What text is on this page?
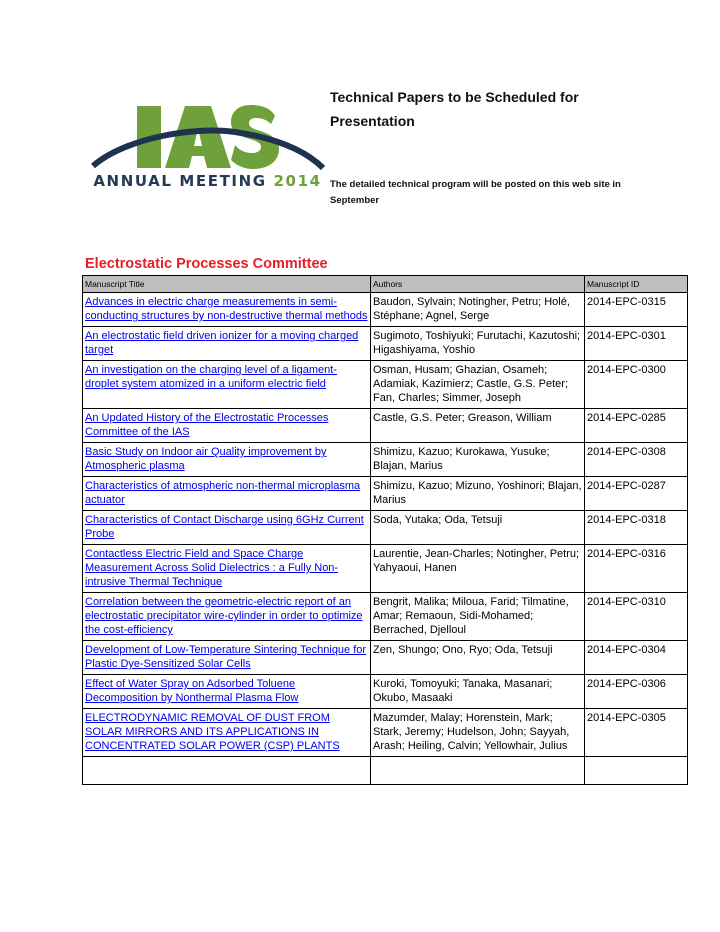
ANNUAL MEETING 2014
Technical Papers to be Scheduled for Presentation
The detailed technical program will be posted on this web site in September
Electrostatic Processes Committee
Manuscript Title	Authors	Manuscript ID
Advances in electric charge measurements in semi-conducting structures by non-destructive thermal methods	Baudon, Sylvain; Notingher, Petru; Holé, Stéphane; Agnel, Serge	2014-EPC-0315
An electrostatic field driven ionizer for a moving charged target	Sugimoto, Toshiyuki; Furutachi, Kazutoshi; Higashiyama, Yoshio	2014-EPC-0301
An investigation on the charging level of a ligament-droplet system atomized in a uniform electric field	Osman, Husam; Ghazian, Osameh; Adamiak, Kazimierz; Castle, G.S. Peter; Fan, Charles; Simmer, Joseph	2014-EPC-0300
An Updated History of the Electrostatic Processes Committee of the IAS	Castle, G.S. Peter; Greason, William	2014-EPC-0285
Basic Study on Indoor air Quality improvement by Atmospheric plasma	Shimizu, Kazuo; Kurokawa, Yusuke; Blajan, Marius	2014-EPC-0308
Characteristics of atmospheric non-thermal microplasma actuator	Shimizu, Kazuo; Mizuno, Yoshinori; Blajan, Marius	2014-EPC-0287
Characteristics of Contact Discharge using 6GHz Current Probe	Soda, Yutaka; Oda, Tetsuji	2014-EPC-0318
Contactless Electric Field and Space Charge Measurement Across Solid Dielectrics : a Fully Non-intrusive Thermal Technique	Laurentie, Jean-Charles; Notingher, Petru; Yahyaoui, Hanen	2014-EPC-0316
Correlation between the geometric-electric report of an electrostatic precipitator wire-cylinder in order to optimize the cost-efficiency	Bengrit, Malika; Miloua, Farid; Tilmatine, Amar; Remaoun, Sidi-Mohamed; Berrached, Djelloul	2014-EPC-0310
Development of Low-Temperature Sintering Technique for Plastic Dye-Sensitized Solar Cells	Zen, Shungo; Ono, Ryo; Oda, Tetsuji	2014-EPC-0304
Effect of Water Spray on Adsorbed Toluene Decomposition by Nonthermal Plasma Flow	Kuroki, Tomoyuki; Tanaka, Masanari; Okubo, Masaaki	2014-EPC-0306
ELECTRODYNAMIC REMOVAL OF DUST FROM SOLAR MIRRORS AND ITS APPLICATIONS IN CONCENTRATED SOLAR POWER (CSP) PLANTS	Mazumder, Malay; Horenstein, Mark; Stark, Jeremy; Hudelson, John; Sayyah, Arash; Heiling, Calvin; Yellowhair, Julius	2014-EPC-0305
